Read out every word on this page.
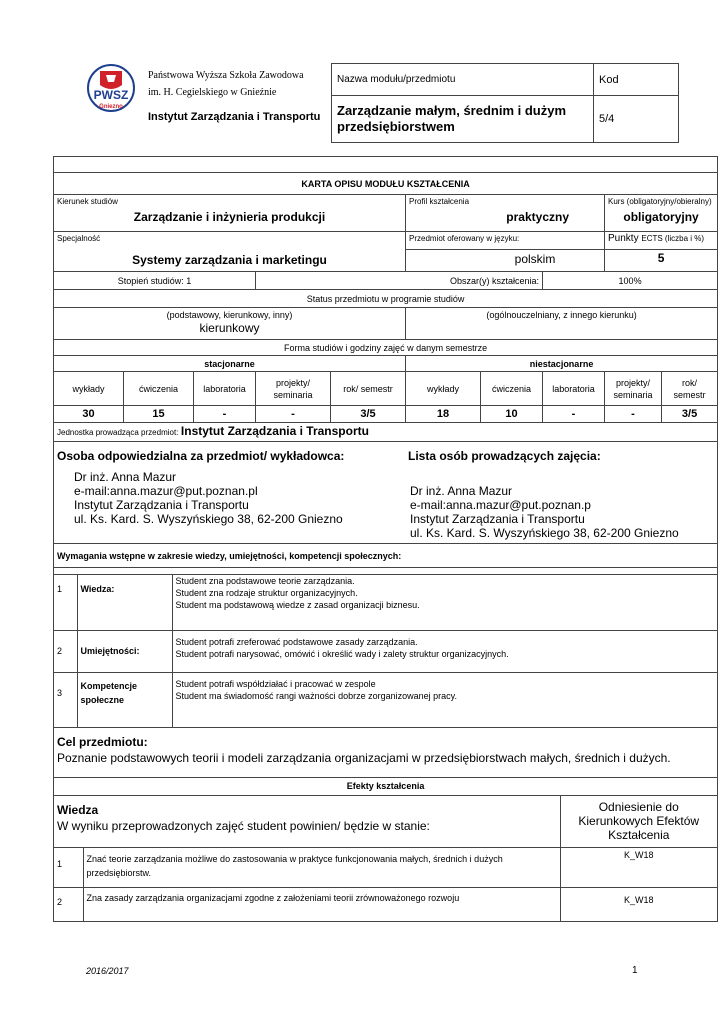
PWSZ
Gniezno
Państwowa Wyższa Szkoła Zawodowa
im. H. Cegielskiego w Gnieźnie
Instytut Zarządzania i Transportu
Nazwa modułu/przedmiotu	Kod
Zarządzanie małym, średnim i dużym przedsiębiorstwem	5/4

KARTA OPISU MODUŁU KSZTAŁCENIA

Kierunek studiów
Zarządzanie i inżynieria produkcji

Profil kształcenia
praktyczny

Kurs (obligatoryjny/obieralny)
obligatoryjny

Specjalność
Systemy zarządzania i marketingu

Przedmiot oferowany w języku:
polskim

Punkty ECTS (liczba i %)
5

Stopień studiów: 1	Obszar(y) kształcenia:	100%
Status przedmiotu w programie studiów

(podstawowy, kierunkowy, inny)
kierunkowy
	(ogólnouczelniany, z innego kierunku)
Forma studiów i godziny zajęć w danym semestrze
stacjonarne	niestacjonarne
wykłady	ćwiczenia	laboratoria	projekty/ seminaria	rok/ semestr	wykłady	ćwiczenia	laboratoria	projekty/ seminaria	rok/ semestr
30	15	-	-	3/5	18	10	-	-	3/5
Jednostka prowadząca przedmiot: Instytut Zarządzania i Transportu

Osoba odpowiedzialna za przedmiot/ wykładowca:	Lista osób prowadzących zajęcia:
Dr inż. Anna Mazur
e-mail:anna.mazur@put.poznan.pl
Instytut Zarządzania i Transportu
ul. Ks. Kard. S. Wyszyńskiego 38, 62-200 Gniezno
Dr inż. Anna Mazur
e-mail:anna.mazur@put.poznan.p
Instytut Zarządzania i Transportu
ul. Ks. Kard. S. Wyszyńskiego 38, 62-200 Gniezno

Wymagania wstępne w zakresie wiedzy, umiejętności, kompetencji społecznych:

1	Wiedza:	
Student zna podstawowe teorie zarządzania.
Student zna rodzaje struktur organizacyjnych.
Student ma podstawową wiedze z zasad organizacji biznesu.

2	Umiejętności:	
Student potrafi zreferować podstawowe zasady zarządzania.
Student potrafi narysować, omówić i określić wady i zalety struktur organizacyjnych.

3	Kompetencje społeczne	
Student potrafi współdziałać i pracować w zespole
Student ma świadomość rangi ważności dobrze zorganizowanej pracy.

Cel przedmiotu:
Poznanie podstawowych teorii i modeli zarządzania organizacjami w przedsiębiorstwach małych, średnich i dużych.

Efekty kształcenia

Wiedza
W wyniku przeprowadzonych zajęć student powinien/ będzie w stanie:
	Odniesienie do Kierunkowych Efektów Kształcenia
1	Znać teorie zarządzania możliwe do zastosowania w praktyce funkcjonowania małych, średnich i dużych przedsiębiorstw.	K_W18
2	Zna zasady zarządzania organizacjami zgodne z założeniami teorii zrównoważonego rozwoju	K_W18
2016/2017	1
